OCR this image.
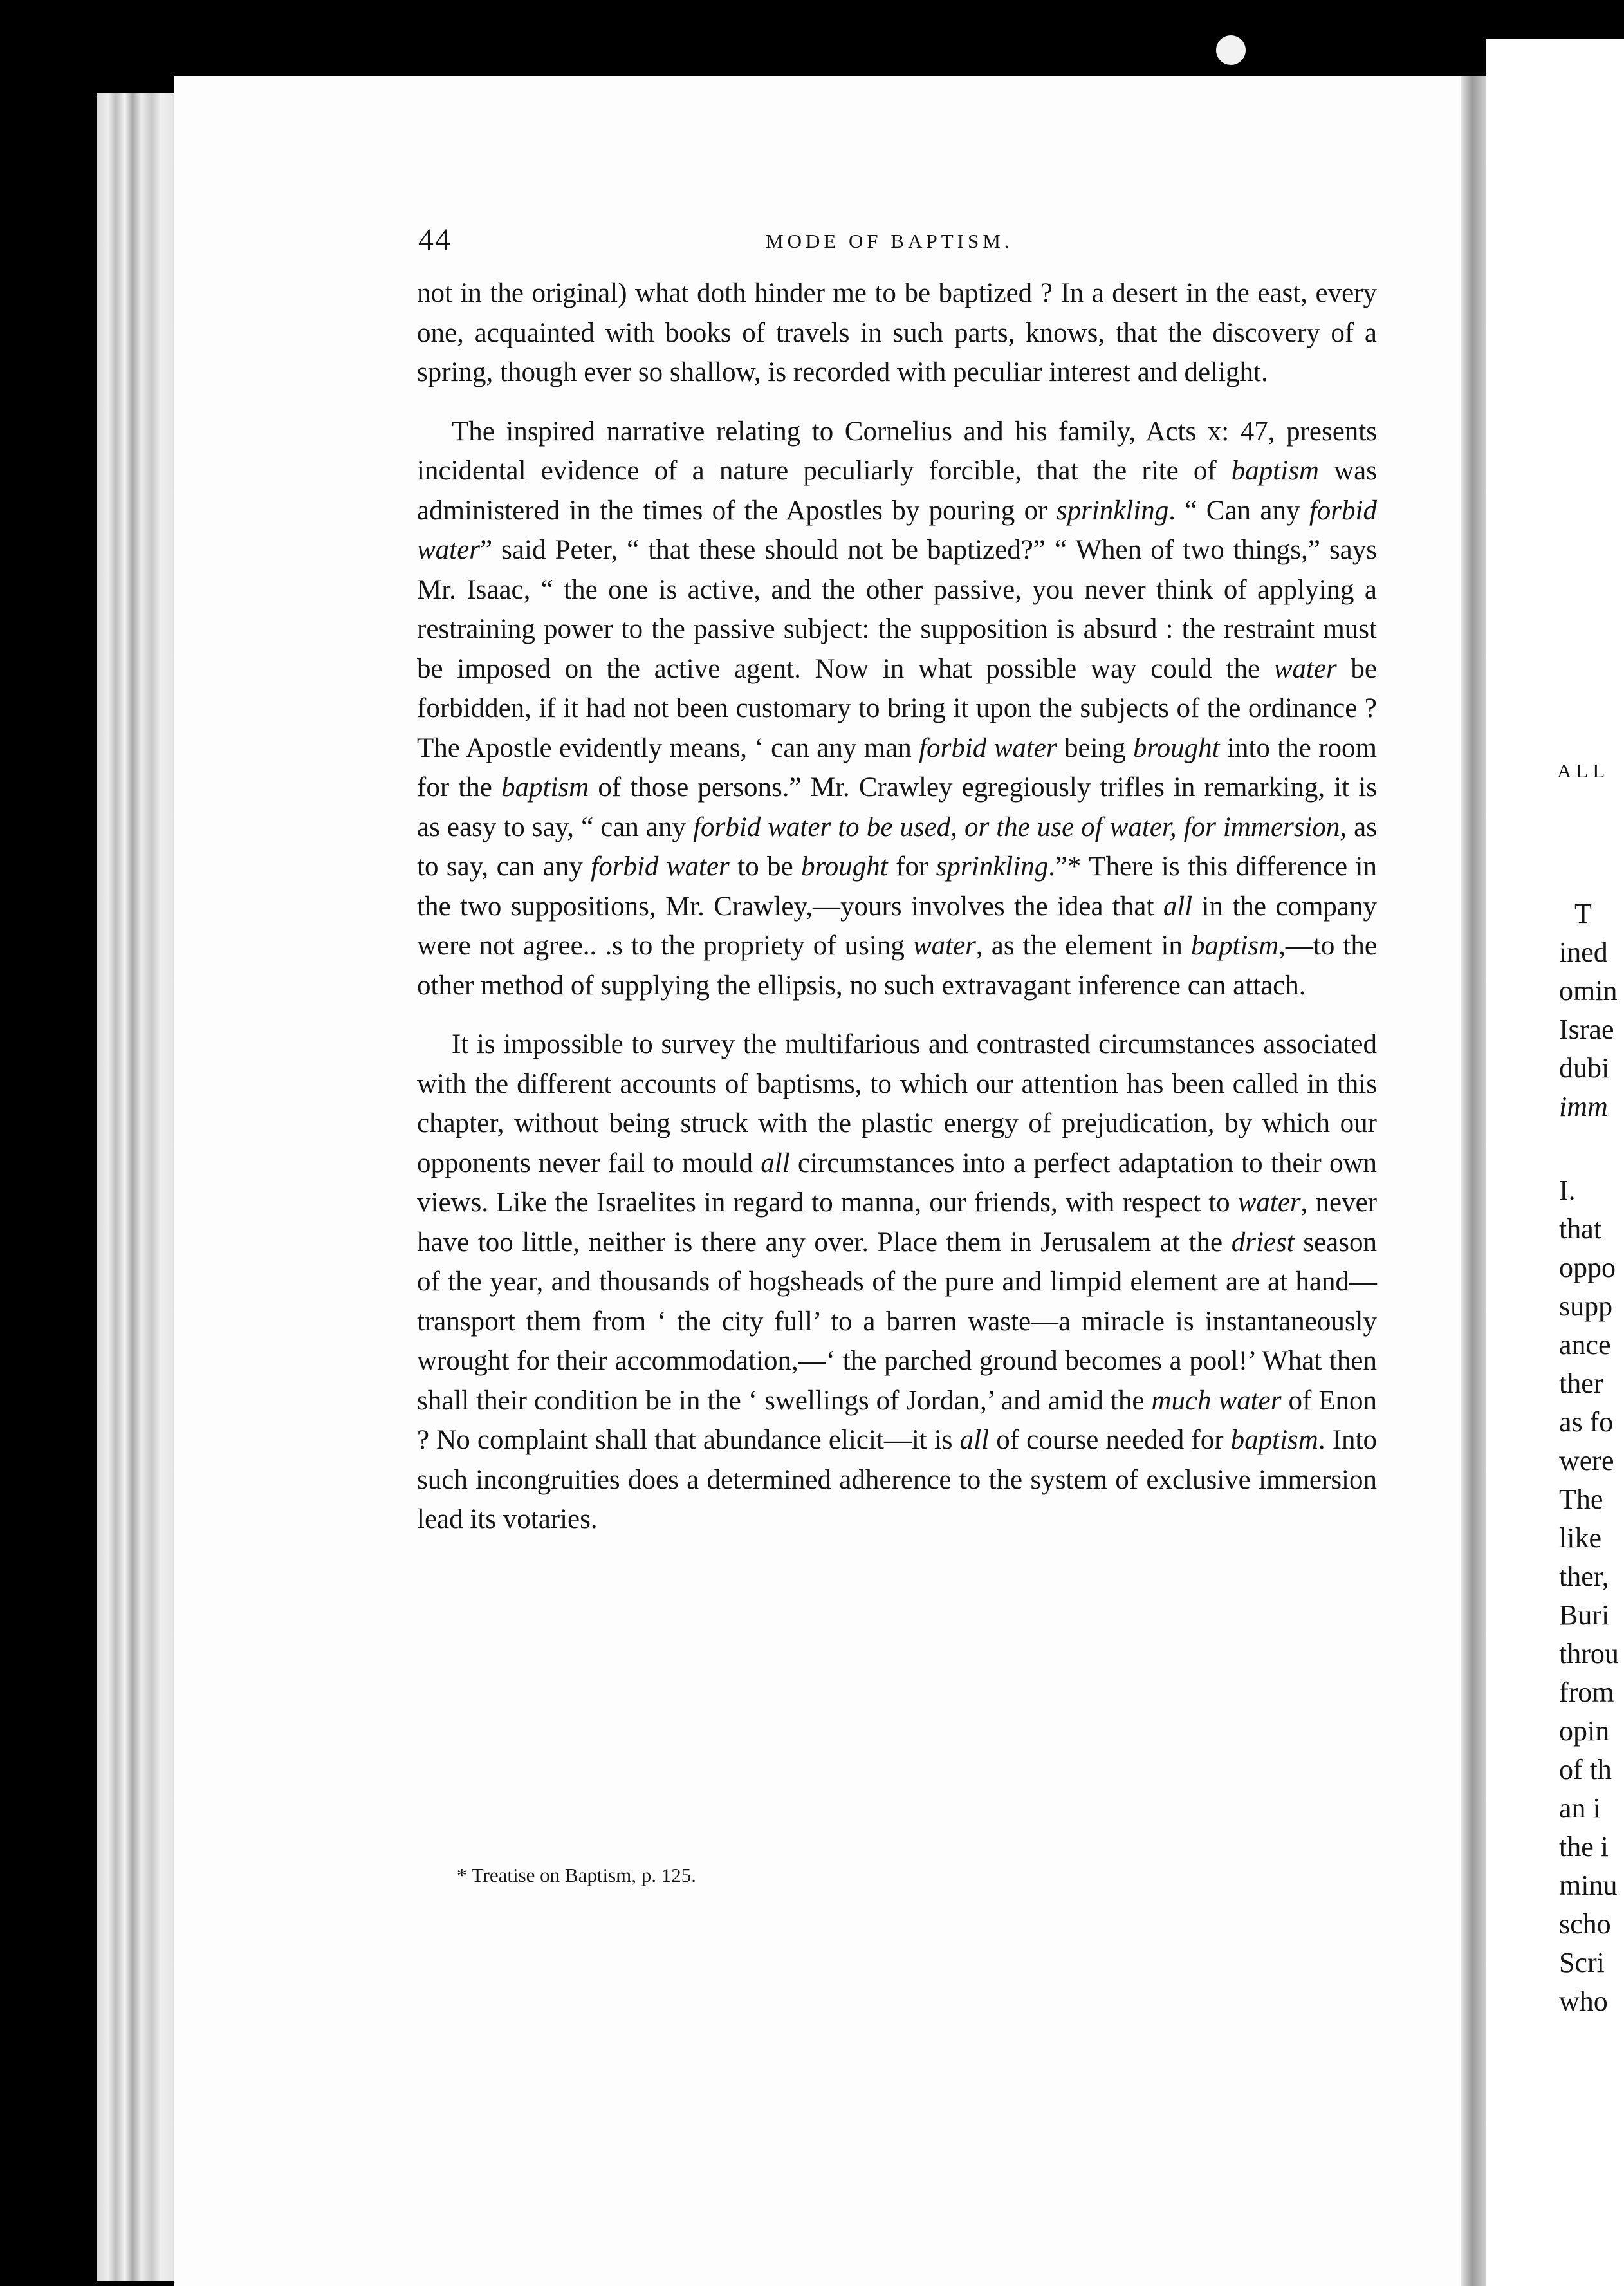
44	MODE OF BAPTISM.

not in the original) what doth hinder me to be baptized ? In a desert in the east, every one, acquainted with books of travels in such parts, knows, that the discovery of a spring, though ever so shallow, is recorded with peculiar interest and delight.

The inspired narrative relating to Cornelius and his family, Acts x: 47, presents incidental evidence of a nature peculiarly forcible, that the rite of baptism was administered in the times of the Apostles by pouring or sprinkling. “ Can any forbid water” said Peter, “ that these should not be baptized?” “ When of two things,” says Mr. Isaac, “ the one is active, and the other passive, you never think of applying a restraining power to the passive subject: the supposition is absurd : the restraint must be imposed on the active agent. Now in what possible way could the water be forbidden, if it had not been customary to bring it upon the subjects of the ordinance ? The Apostle evidently means, ‘ can any man forbid water being brought into the room for the baptism of those persons.” Mr. Crawley egregiously trifles in remarking, it is as easy to say, “ can any forbid water to be used, or the use of water, for immersion, as to say, can any forbid water to be brought for sprinkling.”* There is this difference in the two suppositions, Mr. Crawley,—yours involves the idea that all in the company were not agree.. .s to the propriety of using water, as the element in baptism,—to the other method of supplying the ellipsis, no such extravagant inference can attach.

It is impossible to survey the multifarious and contrasted circumstances associated with the different accounts of baptisms, to which our attention has been called in this chapter, without being struck with the plastic energy of prejudication, by which our opponents never fail to mould all circumstances into a perfect adaptation to their own views. Like the Israelites in regard to manna, our friends, with respect to water, never have too little, neither is there any over. Place them in Jerusalem at the driest season of the year, and thousands of hogsheads of the pure and limpid element are at hand—transport them from ‘ the city full’ to a barren waste—a miracle is instantaneously wrought for their accommodation,—‘ the parched ground becomes a pool!’ What then shall their condition be in the ‘ swellings of Jordan,’ and amid the much water of Enon ? No complaint shall that abundance elicit—it is all of course needed for baptism. Into such incongruities does a determined adherence to the system of exclusive immersion lead its votaries.

* Treatise on Baptism, p. 125.
ALL
T
ined
omin
Israe
dubi
imm
I.
that
oppo
supp
ance
ther
as fo
were
The
like
ther,
Buri
throu
from
opin
of th
an i
the i
minu
scho
Scri
who
